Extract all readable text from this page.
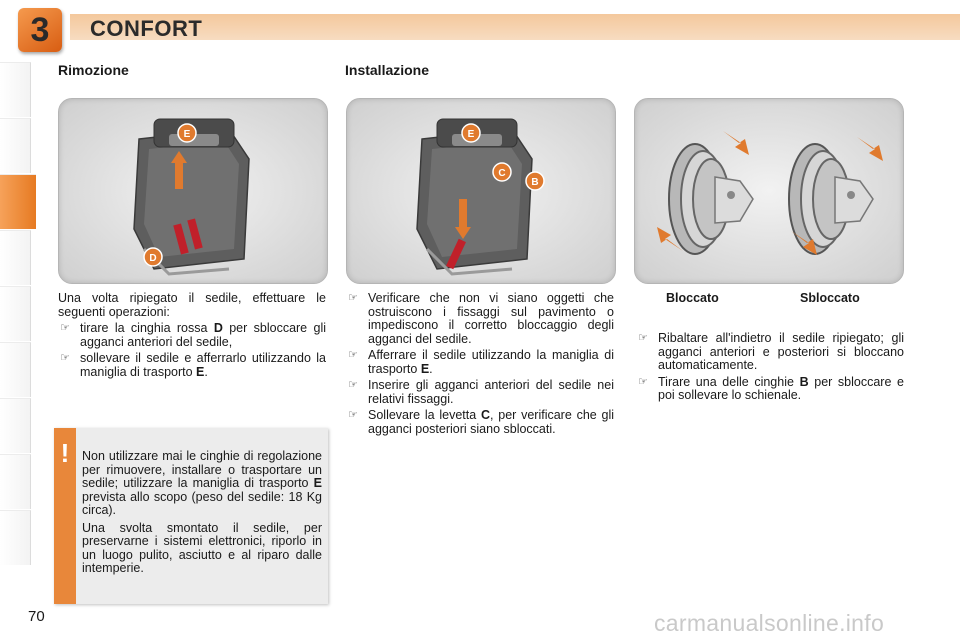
3 CONFORT
Rimozione	Installazione
E
D
E
C
B
Bloccato	Sbloccato

Una volta ripiegato il sedile, effettuare le seguenti operazioni:

☞ tirare la cinghia rossa D per sbloccare gli agganci anteriori del sedile,
☞ sollevare il sedile e afferrarlo utilizzando la maniglia di trasporto E.
☞ Verificare che non vi siano oggetti che ostruiscono i fissaggi sul pavimento o impediscono il corretto bloccaggio degli agganci del sedile.
☞ Afferrare il sedile utilizzando la maniglia di trasporto E.
☞ Inserire gli agganci anteriori del sedile nei relativi fissaggi.
☞ Sollevare la levetta C, per verificare che gli agganci posteriori siano sbloccati.
☞ Ribaltare all'indietro il sedile ripiegato; gli agganci anteriori e posteriori si bloccano automaticamente.
☞ Tirare una delle cinghie B per sbloccare e poi sollevare lo schienale.
! Non utilizzare mai le cinghie di regolazione per rimuovere, installare o trasportare un sedile; utilizzare la maniglia di trasporto E prevista allo scopo (peso del sedile: 18 Kg circa).

Una svolta smontato il sedile, per preservarne i sistemi elettronici, riporlo in un luogo pulito, asciutto e al riparo dalle intemperie.

70	carmanualsonline.info
